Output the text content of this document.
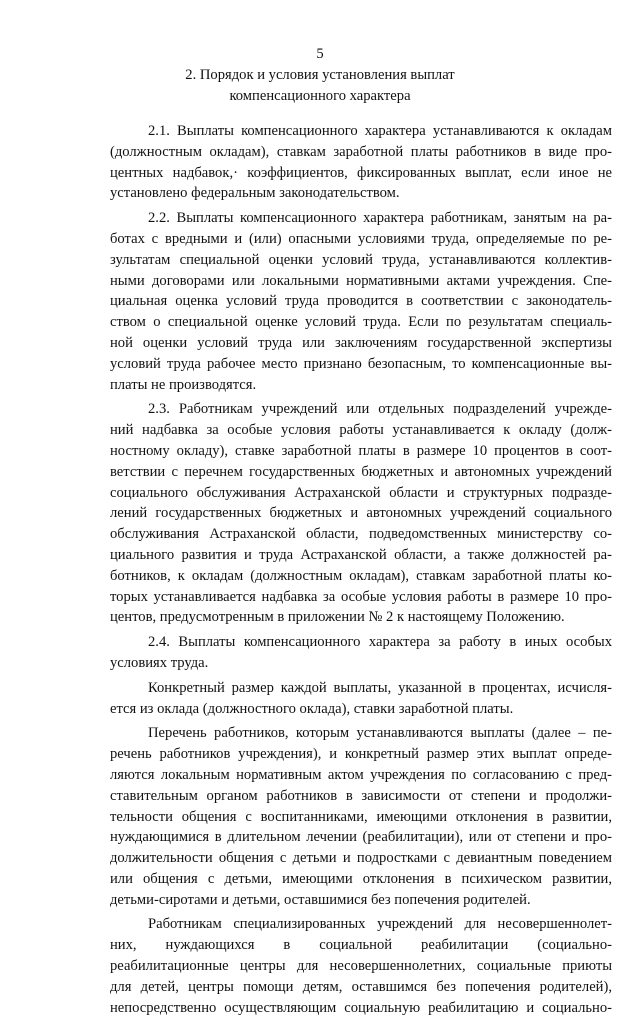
5
2. Порядок и условия установления выплат
компенсационного характера
2.1. Выплаты компенсационного характера устанавливаются к окладам
(должностным окладам), ставкам заработной платы работников в виде про-
центных надбавок,· коэффициентов, фиксированных выплат, если иное не
установлено федеральным законодательством.
2.2. Выплаты компенсационного характера работникам, занятым на ра-
ботах с вредными и (или) опасными условиями труда, определяемые по ре-
зультатам специальной оценки условий труда, устанавливаются коллектив-
ными договорами или локальными нормативными актами учреждения. Спе-
циальная оценка условий труда проводится в соответствии с законодатель-
ством о специальной оценке условий труда. Если по результатам специаль-
ной оценки условий труда или заключениям государственной экспертизы
условий труда рабочее место признано безопасным, то компенсационные вы-
платы не производятся.
2.3. Работникам учреждений или отдельных подразделений учрежде-
ний надбавка за особые условия работы устанавливается к окладу (долж-
ностному окладу), ставке заработной платы в размере 10 процентов в соот-
ветствии с перечнем государственных бюджетных и автономных учреждений
социального обслуживания Астраханской области и структурных подразде-
лений государственных бюджетных и автономных учреждений социального
обслуживания Астраханской области, подведомственных министерству со-
циального развития и труда Астраханской области, а также должностей ра-
ботников, к окладам (должностным окладам), ставкам заработной платы ко-
торых устанавливается надбавка за особые условия работы в размере 10 про-
центов, предусмотренным в приложении № 2 к настоящему Положению.
2.4. Выплаты компенсационного характера за работу в иных особых
условиях труда.
Конкретный размер каждой выплаты, указанной в процентах, исчисля-
ется из оклада (должностного оклада), ставки заработной платы.
Перечень работников, которым устанавливаются выплаты (далее – пе-
речень работников учреждения), и конкретный размер этих выплат опреде-
ляются локальным нормативным актом учреждения по согласованию с пред-
ставительным органом работников в зависимости от степени и продолжи-
тельности общения с воспитанниками, имеющими отклонения в развитии,
нуждающимися в длительном лечении (реабилитации), или от степени и про-
должительности общения с детьми и подростками с девиантным поведением
или общения с детьми, имеющими отклонения в психическом развитии,
детьми-сиротами и детьми, оставшимися без попечения родителей.
Работникам специализированных учреждений для несовершеннолет-
них, нуждающихся в социальной реабилитации (социально-
реабилитационные центры для несовершеннолетних, социальные приюты
для детей, центры помощи детям, оставшимся без попечения родителей),
непосредственно осуществляющим социальную реабилитацию и социально-
